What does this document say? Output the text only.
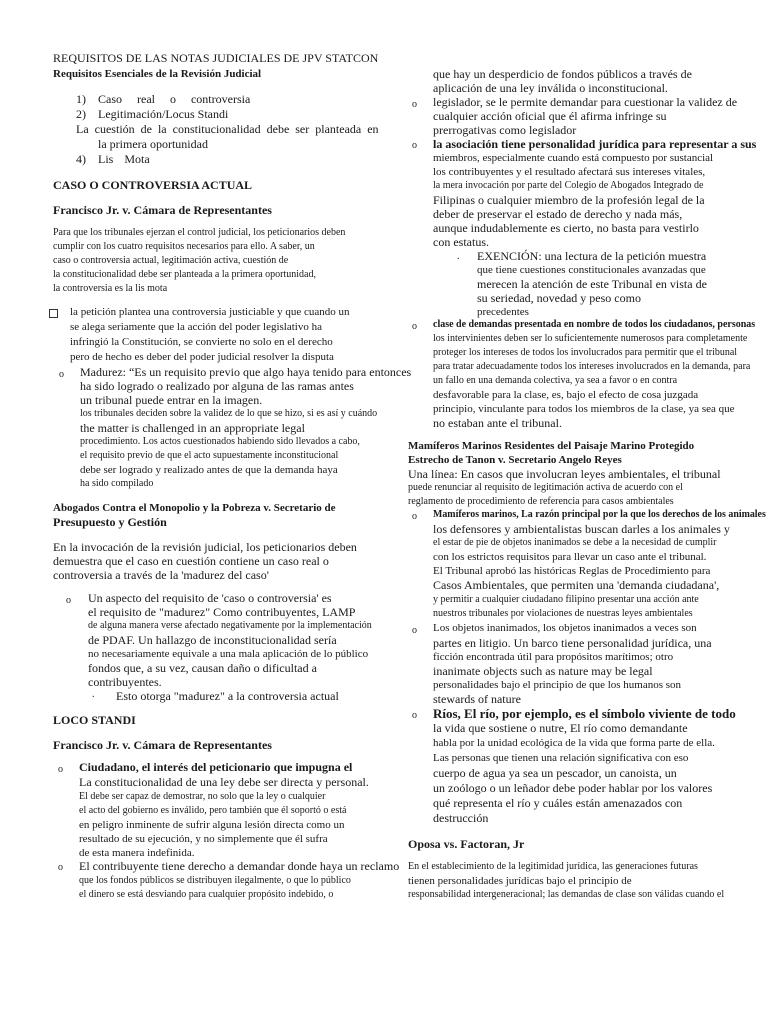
REQUISITOS DE LAS NOTAS JUDICIALES DE JPV STATCON
Requisitos Esenciales de la Revisión Judicial
1) Caso real o controversia
2) Legitimación/Locus Standi
La cuestión de la constitucionalidad debe ser planteada en
la primera oportunidad
4) Lis Mota
CASO O CONTROVERSIA ACTUAL
Francisco Jr. v. Cámara de Representantes
Para que los tribunales ejerzan el control judicial, los peticionarios deben
cumplir con los cuatro requisitos necesarios para ello. A saber, un
caso o controversia actual, legitimación activa, cuestión de
la constitucionalidad debe ser planteada a la primera oportunidad,
la controversia es la lis mota
la petición plantea una controversia justiciable y que cuando un
se alega seriamente que la acción del poder legislativo ha
infringió la Constitución, se convierte no solo en el derecho
pero de hecho es deber del poder judicial resolver la disputa
o Madurez: “Es un requisito previo que algo haya tenido para entonces
ha sido logrado o realizado por alguna de las ramas antes
un tribunal puede entrar en la imagen.
los tribunales deciden sobre la validez de lo que se hizo, si es así y cuándo
the matter is challenged in an appropriate legal
procedimiento. Los actos cuestionados habiendo sido llevados a cabo,
el requisito previo de que el acto supuestamente inconstitucional
debe ser logrado y realizado antes de que la demanda haya
ha sido compilado
Abogados Contra el Monopolio y la Pobreza v. Secretario de
Presupuesto y Gestión
En la invocación de la revisión judicial, los peticionarios deben
demuestra que el caso en cuestión contiene un caso real o
controversia a través de la 'madurez del caso'
o Un aspecto del requisito de 'caso o controversia' es
el requisito de "madurez" Como contribuyentes, LAMP
de alguna manera verse afectado negativamente por la implementación
de PDAF. Un hallazgo de inconstitucionalidad sería
no necesariamente equivale a una mala aplicación de lo público
fondos que, a su vez, causan daño o dificultad a
contribuyentes.
. Esto otorga "madurez" a la controversia actual
LOCO STANDI
Francisco Jr. v. Cámara de Representantes
o Ciudadano, el interés del peticionario que impugna el
La constitucionalidad de una ley debe ser directa y personal.
El debe ser capaz de demostrar, no solo que la ley o cualquier
el acto del gobierno es inválido, pero también que él soportó o está
en peligro inminente de sufrir alguna lesión directa como un
resultado de su ejecución, y no simplemente que él sufra
de esta manera indefinida.
o El contribuyente tiene derecho a demandar donde haya un reclamo
que los fondos públicos se distribuyen ilegalmente, o que lo público
el dinero se está desviando para cualquier propósito indebido, o
que hay un desperdicio de fondos públicos a través de
aplicación de una ley inválida o inconstitucional.
o legislador, se le permite demandar para cuestionar la validez de
cualquier acción oficial que él afirma infringe su
prerrogativas como legislador
o la asociación tiene personalidad jurídica para representar a sus
miembros, especialmente cuando está compuesto por sustancial
los contribuyentes y el resultado afectará sus intereses vitales,
la mera invocación por parte del Colegio de Abogados Integrado de
Filipinas o cualquier miembro de la profesión legal de la
deber de preservar el estado de derecho y nada más,
aunque indudablemente es cierto, no basta para vestirlo
con estatus.
. EXENCIÓN: una lectura de la petición muestra
que tiene cuestiones constitucionales avanzadas que
merecen la atención de este Tribunal en vista de
su seriedad, novedad y peso como
precedentes
o clase de demandas presentada en nombre de todos los ciudadanos, personas
los intervinientes deben ser lo suficientemente numerosos para completamente
proteger los intereses de todos los involucrados para permitir que el tribunal
para tratar adecuadamente todos los intereses involucrados en la demanda, para
un fallo en una demanda colectiva, ya sea a favor o en contra
desfavorable para la clase, es, bajo el efecto de cosa juzgada
principio, vinculante para todos los miembros de la clase, ya sea que
no estaban ante el tribunal.
Mamíferos Marinos Residentes del Paisaje Marino Protegido
Estrecho de Tanon v. Secretario Angelo Reyes
Una línea: En casos que involucran leyes ambientales, el tribunal
puede renunciar al requisito de legitimación activa de acuerdo con el
reglamento de procedimiento de referencia para casos ambientales
o Mamíferos marinos, La razón principal por la que los derechos de los animales
los defensores y ambientalistas buscan darles a los animales y
el estar de pie de objetos inanimados se debe a la necesidad de cumplir
con los estrictos requisitos para llevar un caso ante el tribunal.
El Tribunal aprobó las históricas Reglas de Procedimiento para
Casos Ambientales, que permiten una 'demanda ciudadana',
y permitir a cualquier ciudadano filipino presentar una acción ante
nuestros tribunales por violaciones de nuestras leyes ambientales
o Los objetos inanimados, los objetos inanimados a veces son
partes en litigio. Un barco tiene personalidad jurídica, una
ficción encontrada útil para propósitos marítimos; otro
inanimate objects such as nature may be legal
personalidades bajo el principio de que los humanos son
stewards of nature
o Ríos, El río, por ejemplo, es el símbolo viviente de todo
la vida que sostiene o nutre, El río como demandante
habla por la unidad ecológica de la vida que forma parte de ella.
Las personas que tienen una relación significativa con eso
cuerpo de agua ya sea un pescador, un canoista, un
un zoólogo o un leñador debe poder hablar por los valores
qué representa el río y cuáles están amenazados con
destrucción
Oposa vs. Factoran, Jr
En el establecimiento de la legitimidad jurídica, las generaciones futuras
tienen personalidades jurídicas bajo el principio de
responsabilidad intergeneracional; las demandas de clase son válidas cuando el
